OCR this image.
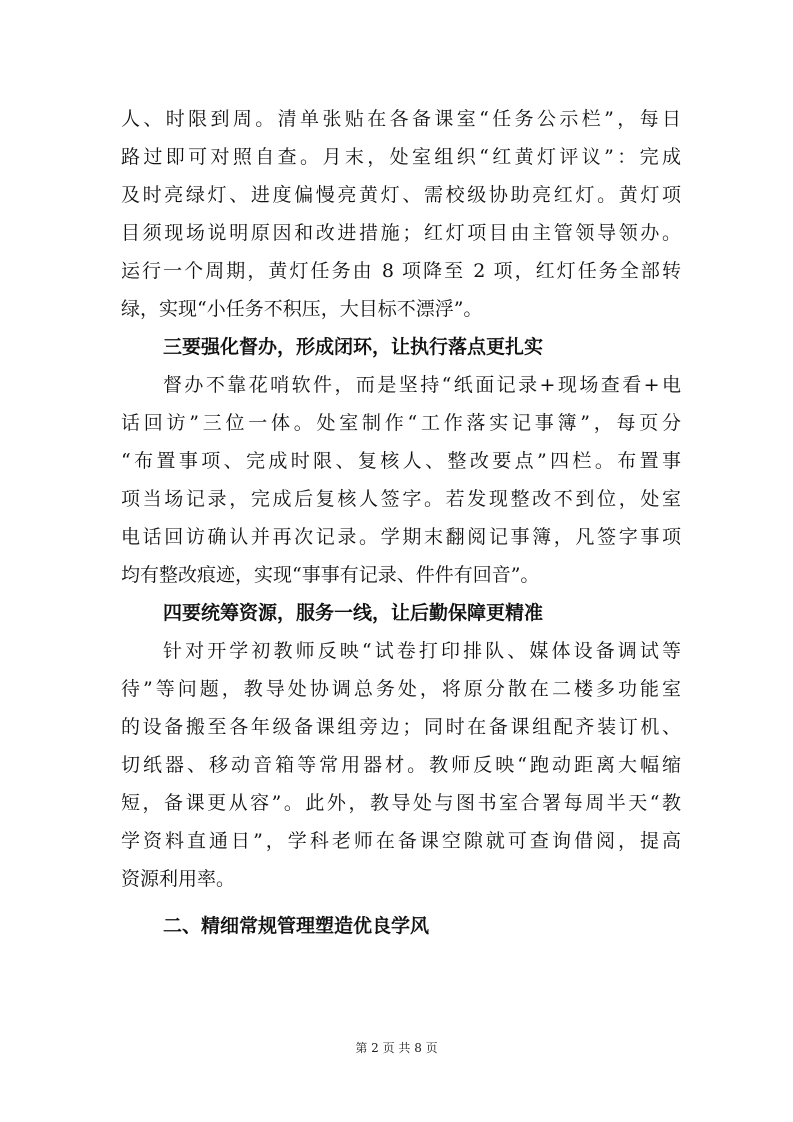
人、时限到周。清单张贴在各备课室“任务公示栏”，每日
路过即可对照自查。月末，处室组织“红黄灯评议”：完成
及时亮绿灯、进度偏慢亮黄灯、需校级协助亮红灯。黄灯项
目须现场说明原因和改进措施；红灯项目由主管领导领办。
运行一个周期，黄灯任务由 8 项降至 2 项，红灯任务全部转
绿，实现“小任务不积压，大目标不漂浮”。
三要强化督办，形成闭环，让执行落点更扎实
督办不靠花哨软件，而是坚持“纸面记录+现场查看+电
话回访”三位一体。处室制作“工作落实记事簿”，每页分
“布置事项、完成时限、复核人、整改要点”四栏。布置事
项当场记录，完成后复核人签字。若发现整改不到位，处室
电话回访确认并再次记录。学期末翻阅记事簿，凡签字事项
均有整改痕迹，实现“事事有记录、件件有回音”。
四要统筹资源，服务一线，让后勤保障更精准
针对开学初教师反映“试卷打印排队、媒体设备调试等
待”等问题，教导处协调总务处，将原分散在二楼多功能室
的设备搬至各年级备课组旁边；同时在备课组配齐装订机、
切纸器、移动音箱等常用器材。教师反映“跑动距离大幅缩
短，备课更从容”。此外，教导处与图书室合署每周半天“教
学资料直通日”，学科老师在备课空隙就可查询借阅，提高
资源利用率。
二、精细常规管理塑造优良学风
第 2 页 共 8 页
